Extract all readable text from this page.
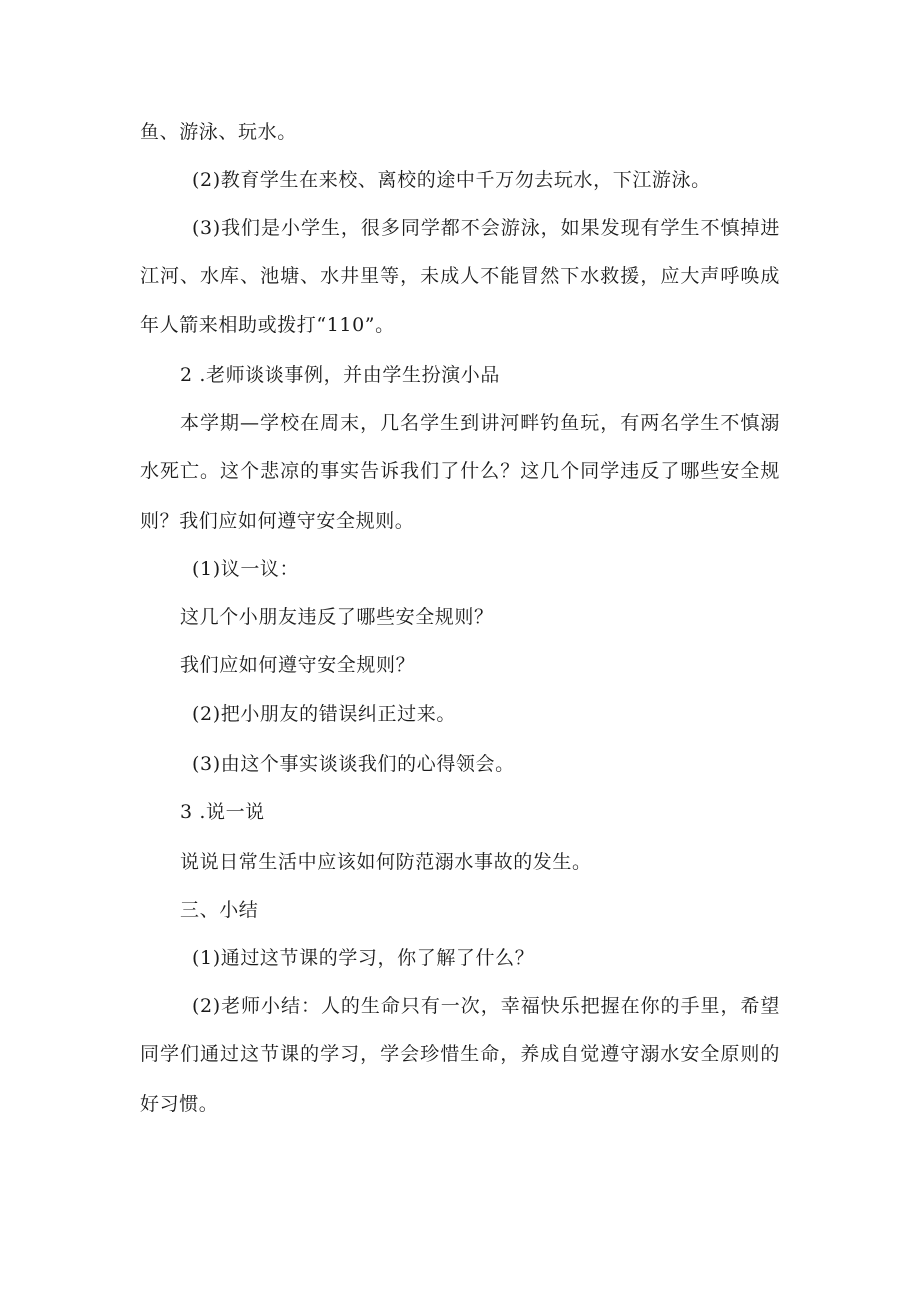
鱼、游泳、玩水。

(2)教育学生在来校、离校的途中千万勿去玩水，下江游泳。

(3)我们是小学生，很多同学都不会游泳，如果发现有学生不慎掉进

江河、水库、池塘、水井里等，未成人不能冒然下水救援，应大声呼唤成

年人箭来相助或拨打“110”。

2 .老师谈谈事例，并由学生扮演小品

本学期—学校在周末，几名学生到讲河畔钓鱼玩，有两名学生不慎溺

水死亡。这个悲凉的事实告诉我们了什么？这几个同学违反了哪些安全规

则？我们应如何遵守安全规则。

(1)议一议：

这几个小朋友违反了哪些安全规则？

我们应如何遵守安全规则？

(2)把小朋友的错误纠正过来。

(3)由这个事实谈谈我们的心得领会。

3 .说一说

说说日常生活中应该如何防范溺水事故的发生。

三、小结

(1)通过这节课的学习，你了解了什么？

(2)老师小结：人的生命只有一次，幸福快乐把握在你的手里，希望

同学们通过这节课的学习，学会珍惜生命，养成自觉遵守溺水安全原则的

好习惯。
